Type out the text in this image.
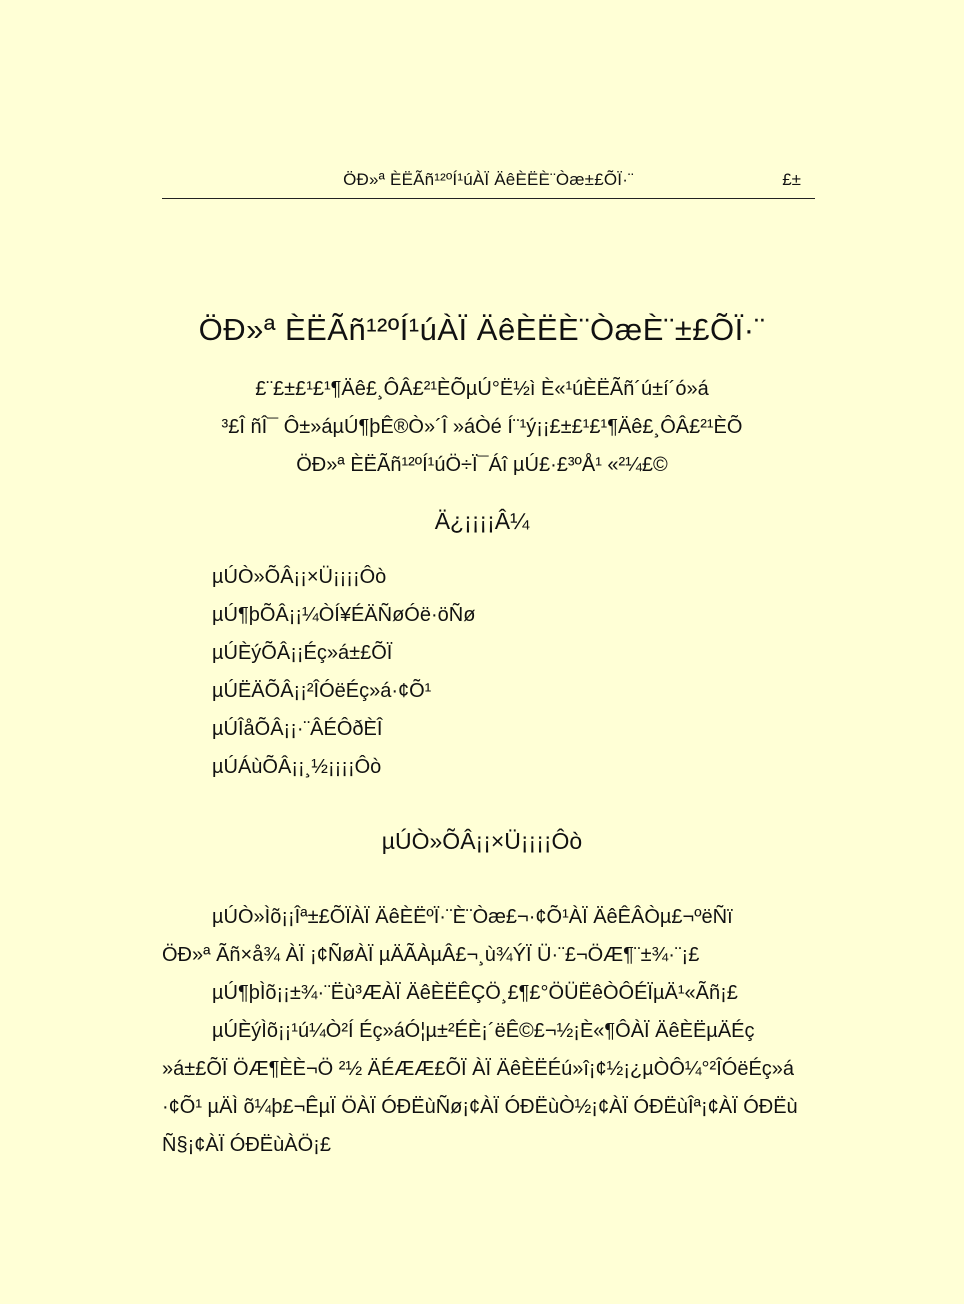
ÖÐ»ª ÈËÃñ¹²ºÍ¹úÀÏ ÄêÈËÈ¨Òæ±£ÕÏ·¨	£±
ÖÐ»ª ÈËÃñ¹²ºÍ¹úÀÏ ÄêÈËÈ¨ÒæÈ¨±£ÕÏ·¨
£¨£±£¹£¹¶Äê£¸ÔÂ£²¹ÈÕµÚ°Ë½ì È«¹úÈËÃñ´ú±í´ó»á
³£Î ñÎ¯ Ô±»áµÚ¶þÊ®Ò»´Î »áÒé Í¨¹ý¡¡£±£¹£¹¶Äê£¸ÔÂ£²¹ÈÕ
ÖÐ»ª ÈËÃñ¹²ºÍ¹úÖ÷Ï¯Áî µÚ£·£³ºÅ¹ «²¼£©
Ä¿¡¡¡¡Â¼
µÚÒ»ÕÂ¡¡×Ü¡¡¡¡Ôò
µÚ¶þÕÂ¡¡¼ÒÍ¥ÉÄÑøÓë·öÑø
µÚÈýÕÂ¡¡Éç»á±£ÕÏ
µÚËÄÕÂ¡¡²ÎÓëÉç»á·¢Õ¹
µÚÎåÕÂ¡¡·¨ÂÉÔðÈÎ
µÚÁùÕÂ¡¡¸½¡¡¡¡Ôò
µÚÒ»ÕÂ¡¡×Ü¡¡¡¡Ôò
µÚÒ»Ìõ¡¡Îª±£ÕÏÀÏ ÄêÈËºÏ·¨È¨Òæ£¬·¢Õ¹ÀÏ ÄêÊÂÒµ£¬ºëÑï
ÖÐ»ª Ãñ×å¾ ÀÏ ¡¢ÑøÀÏ µÄÃÀµÂ£¬¸ù¾ÝÏ Ü·¨£¬ÖÆ¶¨±¾·¨¡£
µÚ¶þÌõ¡¡±¾·¨Ëù³ÆÀÏ ÄêÈËÊÇÖ¸£¶£°ÖÜËêÒÔÉÏµÄ¹«Ãñ¡£
µÚÈýÌõ¡¡¹ú¼Ò²Í Éç»áÓ¦µ±²ÉÈ¡´ëÊ©£¬½¡È«¶ÔÀÏ ÄêÈËµÄÉç
»á±£ÕÏ ÖÆ¶ÈÈ¬Ö ²½ ÄÉÆÆ£ÕÏ ÀÏ ÄêÈËÉú»î¡¢½¡¿µÒÔ¼°²ÎÓëÉç»á
·¢Õ¹ µÄÌ õ¼þ£¬ÊµÏ ÖÀÏ ÓÐËùÑø¡¢ÀÏ ÓÐËùÒ½¡¢ÀÏ ÓÐËùÎª¡¢ÀÏ ÓÐËù
Ñ§¡¢ÀÏ ÓÐËùÀÖ¡£
